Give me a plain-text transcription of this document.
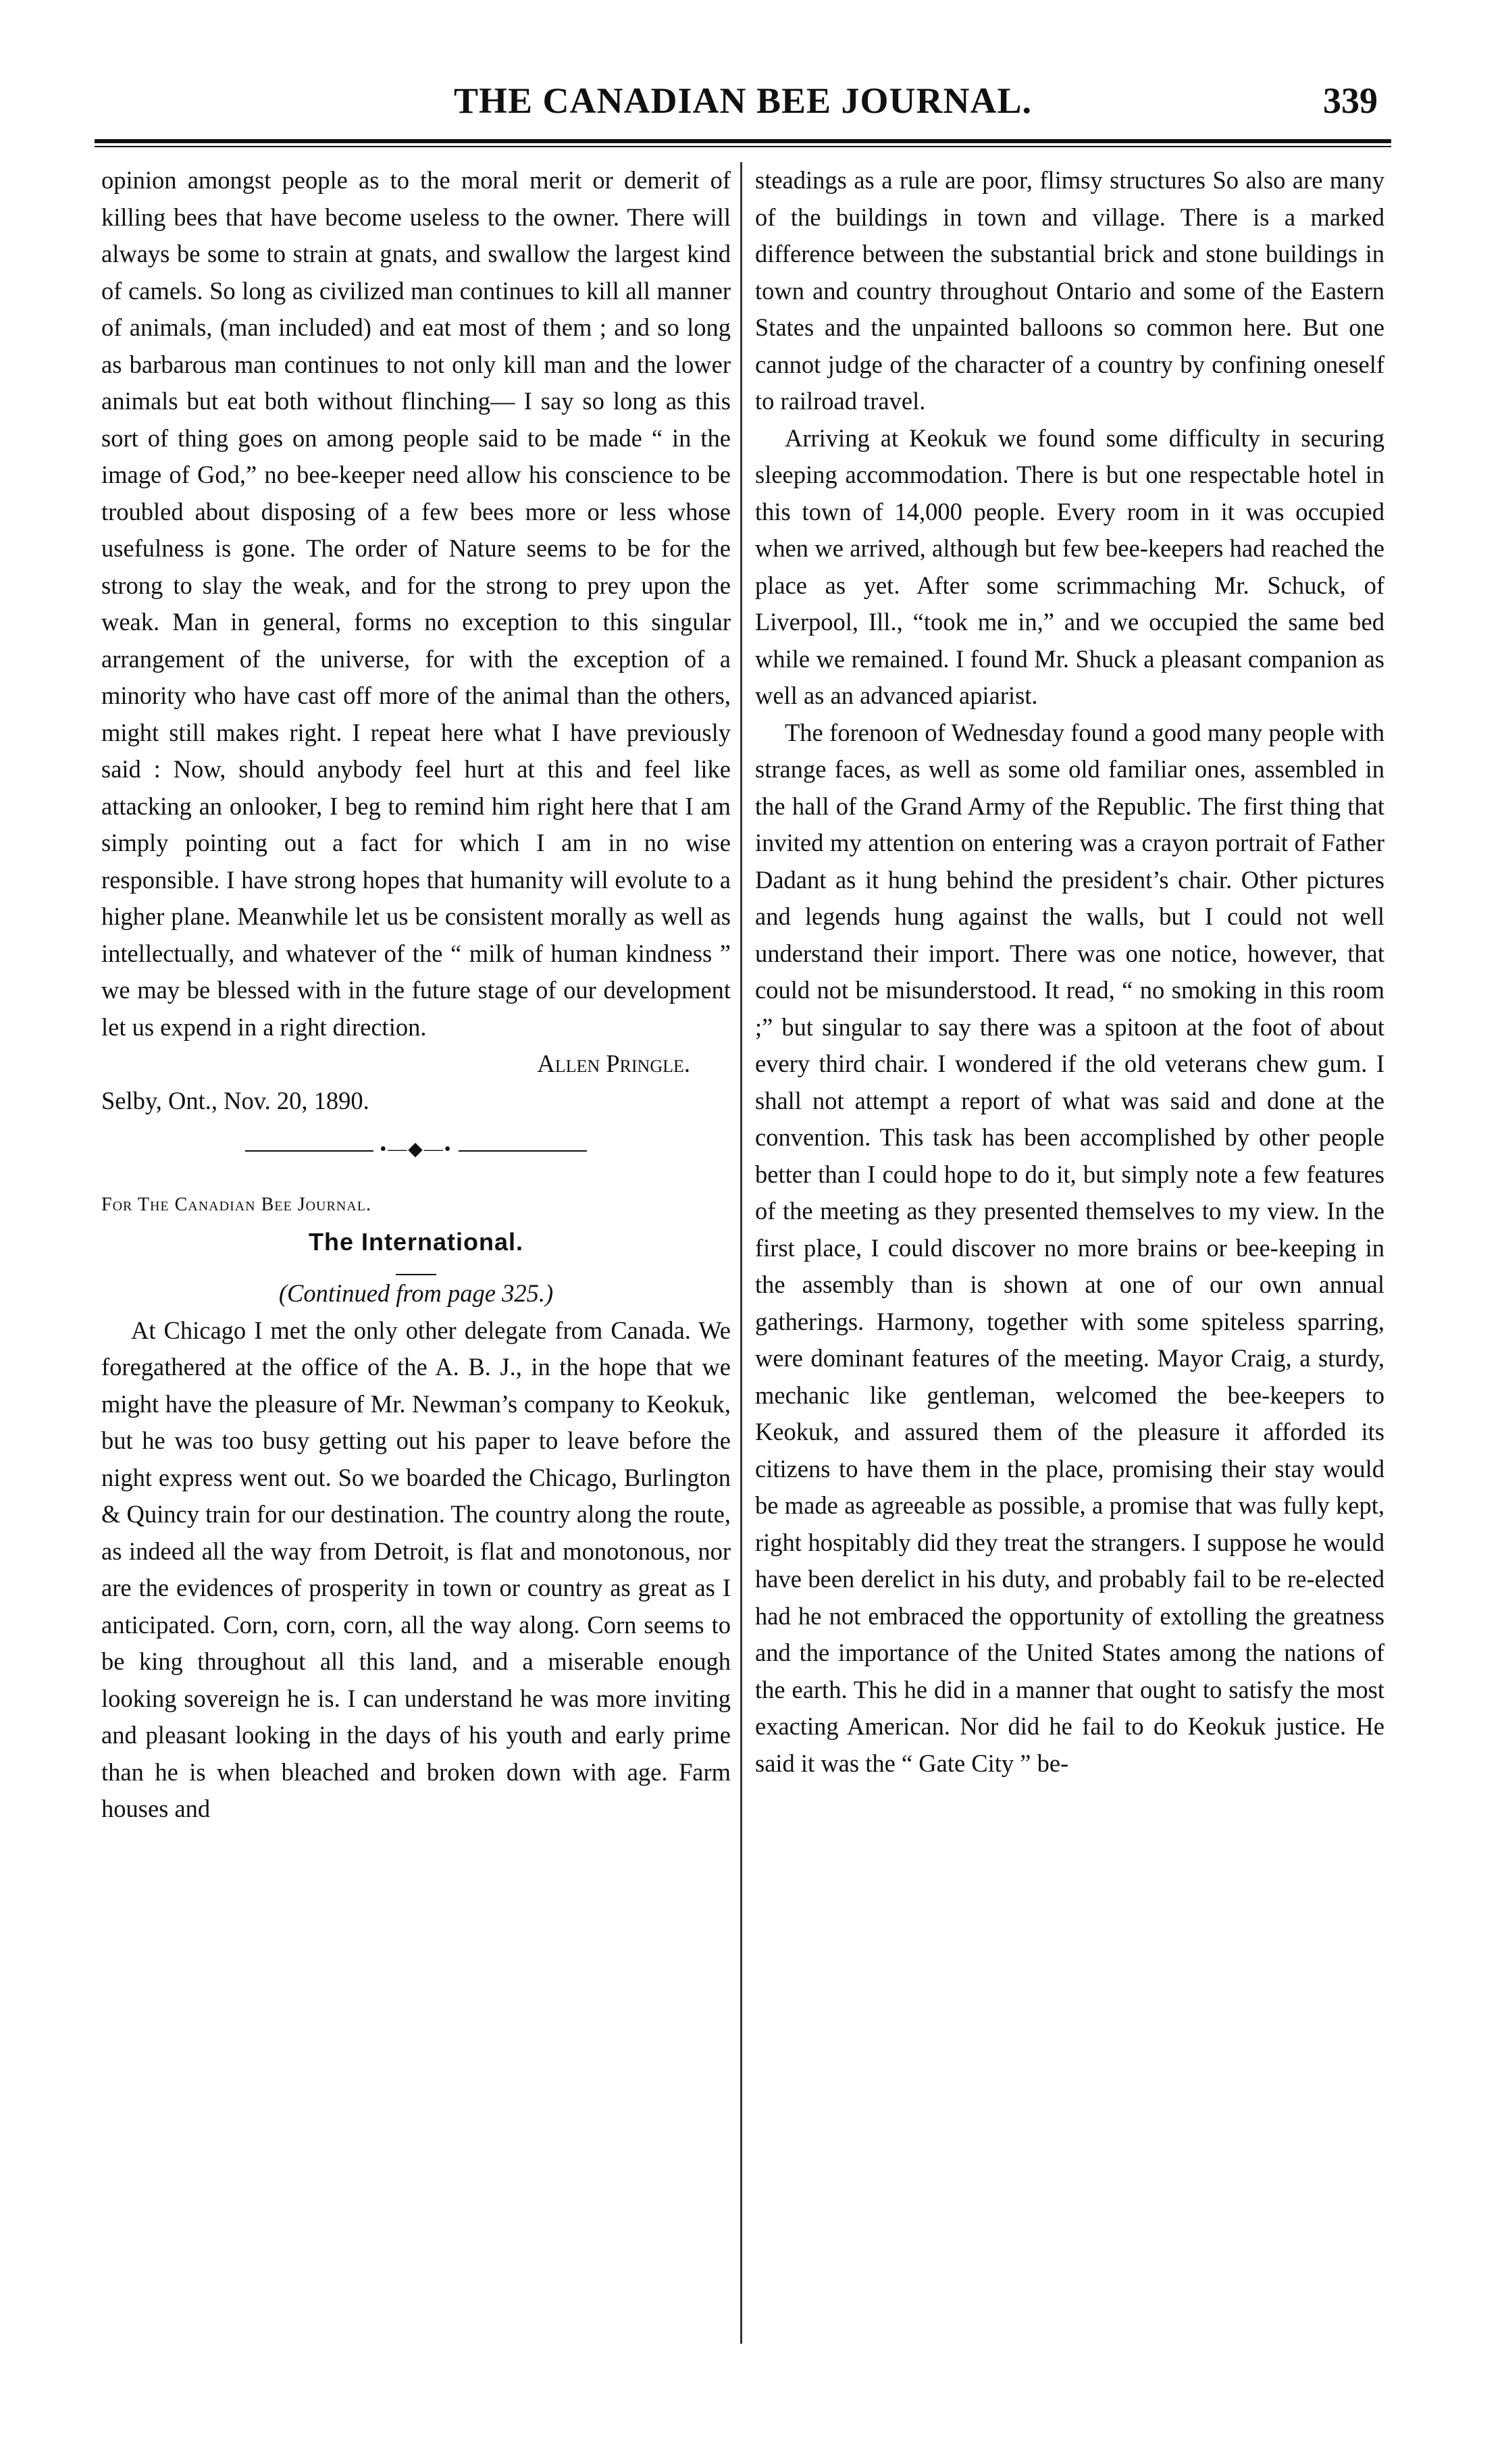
THE CANADIAN BEE JOURNAL.	339

opinion amongst people as to the moral merit or demerit of killing bees that have become useless to the owner. There will always be some to strain at gnats, and swallow the largest kind of camels. So long as civilized man continues to kill all manner of animals, (man included) and eat most of them ; and so long as barbarous man continues to not only kill man and the lower animals but eat both without flinching— I say so long as this sort of thing goes on among people said to be made “ in the image of God,” no bee-keeper need allow his conscience to be troubled about disposing of a few bees more or less whose usefulness is gone. The order of Nature seems to be for the strong to slay the weak, and for the strong to prey upon the weak. Man in general, forms no exception to this singular arrangement of the universe, for with the exception of a minority who have cast off more of the animal than the others, might still makes right. I repeat here what I have previously said : Now, should anybody feel hurt at this and feel like attacking an onlooker, I beg to remind him right here that I am simply pointing out a fact for which I am in no wise responsible. I have strong hopes that humanity will evolute to a higher plane. Meanwhile let us be consistent morally as well as intellectually, and whatever of the “ milk of human kindness ” we may be blessed with in the future stage of our development let us expend in a right direction.

Allen Pringle.

Selby, Ont., Nov. 20, 1890.

•—◆—•

For The Canadian Bee Journal.

The International.

(Continued from page 325.)

At Chicago I met the only other delegate from Canada. We foregathered at the office of the A. B. J., in the hope that we might have the pleasure of Mr. Newman’s company to Keokuk, but he was too busy getting out his paper to leave before the night express went out. So we boarded the Chicago, Burlington & Quincy train for our destination. The country along the route, as indeed all the way from Detroit, is flat and monotonous, nor are the evidences of prosperity in town or country as great as I anticipated. Corn, corn, corn, all the way along. Corn seems to be king throughout all this land, and a miserable enough looking sovereign he is. I can understand he was more inviting and pleasant looking in the days of his youth and early prime than he is when bleached and broken down with age. Farm houses and

steadings as a rule are poor, flimsy structures So also are many of the buildings in town and village. There is a marked difference between the substantial brick and stone buildings in town and country throughout Ontario and some of the Eastern States and the unpainted balloons so common here. But one cannot judge of the character of a country by confining oneself to railroad travel.

Arriving at Keokuk we found some difficulty in securing sleeping accommodation. There is but one respectable hotel in this town of 14,000 people. Every room in it was occupied when we arrived, although but few bee-keepers had reached the place as yet. After some scrimmaching Mr. Schuck, of Liverpool, Ill., “took me in,” and we occupied the same bed while we remained. I found Mr. Shuck a pleasant companion as well as an advanced apiarist.

The forenoon of Wednesday found a good many people with strange faces, as well as some old familiar ones, assembled in the hall of the Grand Army of the Republic. The first thing that invited my attention on entering was a crayon portrait of Father Dadant as it hung behind the president’s chair. Other pictures and legends hung against the walls, but I could not well understand their import. There was one notice, however, that could not be misunderstood. It read, “ no smoking in this room ;” but singular to say there was a spitoon at the foot of about every third chair. I wondered if the old veterans chew gum. I shall not attempt a report of what was said and done at the convention. This task has been accomplished by other people better than I could hope to do it, but simply note a few features of the meeting as they presented themselves to my view. In the first place, I could discover no more brains or bee-keeping in the assembly than is shown at one of our own annual gatherings. Harmony, together with some spiteless sparring, were dominant features of the meeting. Mayor Craig, a sturdy, mechanic like gentleman, welcomed the bee-keepers to Keokuk, and assured them of the pleasure it afforded its citizens to have them in the place, promising their stay would be made as agreeable as possible, a promise that was fully kept, right hospitably did they treat the strangers. I suppose he would have been derelict in his duty, and probably fail to be re-elected had he not embraced the opportunity of extolling the greatness and the importance of the United States among the nations of the earth. This he did in a manner that ought to satisfy the most exacting American. Nor did he fail to do Keokuk justice. He said it was the “ Gate City ” be-
